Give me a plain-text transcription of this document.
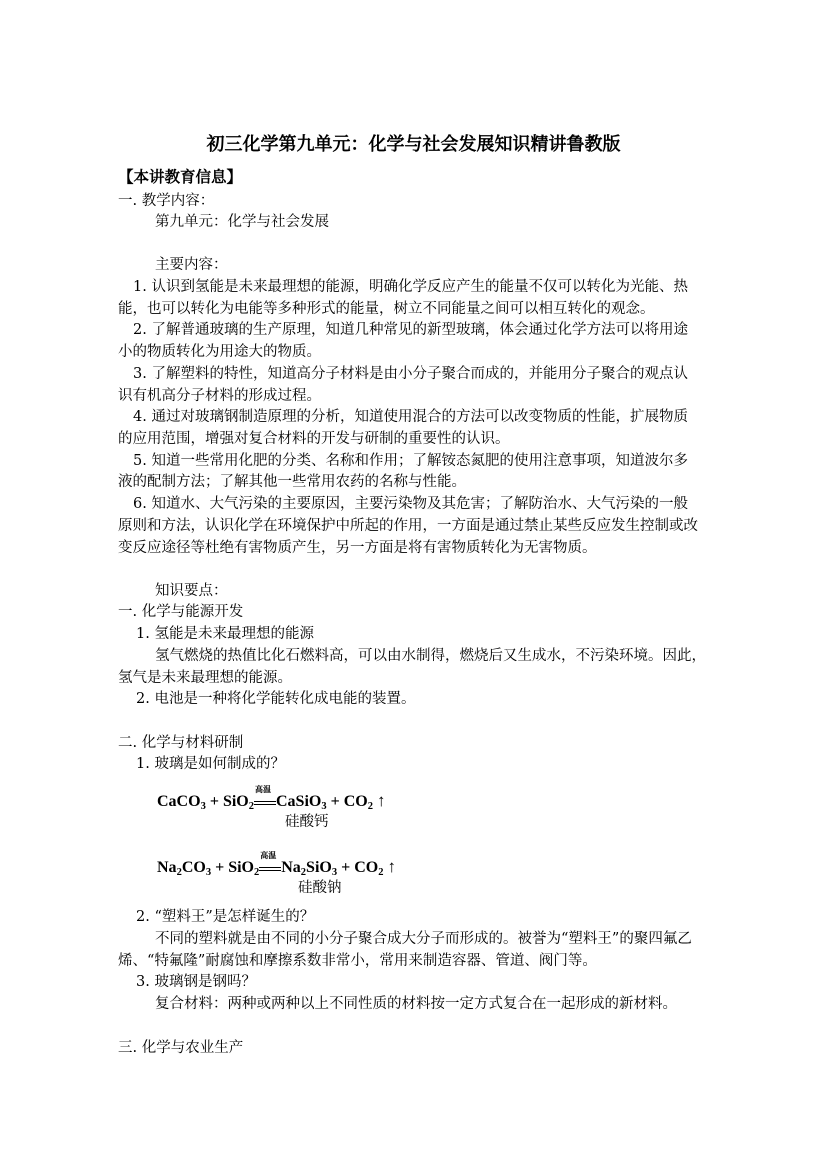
初三化学第九单元：化学与社会发展知识精讲鲁教版
【本讲教育信息】
一. 教学内容：
第九单元：化学与社会发展
主要内容：
1. 认识到氢能是未来最理想的能源，明确化学反应产生的能量不仅可以转化为光能、热
能，也可以转化为电能等多种形式的能量，树立不同能量之间可以相互转化的观念。
2. 了解普通玻璃的生产原理，知道几种常见的新型玻璃，体会通过化学方法可以将用途
小的物质转化为用途大的物质。
3. 了解塑料的特性，知道高分子材料是由小分子聚合而成的，并能用分子聚合的观点认
识有机高分子材料的形成过程。
4. 通过对玻璃钢制造原理的分析，知道使用混合的方法可以改变物质的性能，扩展物质
的应用范围，增强对复合材料的开发与研制的重要性的认识。
5. 知道一些常用化肥的分类、名称和作用；了解铵态氮肥的使用注意事项，知道波尔多
液的配制方法；了解其他一些常用农药的名称与性能。
6. 知道水、大气污染的主要原因，主要污染物及其危害；了解防治水、大气污染的一般
原则和方法，认识化学在环境保护中所起的作用，一方面是通过禁止某些反应发生控制或改
变反应途径等杜绝有害物质产生，另一方面是将有害物质转化为无害物质。
知识要点：
一. 化学与能源开发
1. 氢能是未来最理想的能源
氢气燃烧的热值比化石燃料高，可以由水制得，燃烧后又生成水，不污染环境。因此，
氢气是未来最理想的能源。
2. 电池是一种将化学能转化成电能的装置。
二. 化学与材料研制
1. 玻璃是如何制成的？
CaCO$_3$ + SiO$_2$
高温
CaSiO$_3$ + $CO_2$ ↑
硅酸钙
$Na_2CO_3 + SiO_2$
高温
$Na_2SiO_3 + CO_2$ ↑
硅酸钠
2. “塑料王”是怎样诞生的？
不同的塑料就是由不同的小分子聚合成大分子而形成的。被誉为“塑料王”的聚四氟乙
烯、“特氟隆”耐腐蚀和摩擦系数非常小，常用来制造容器、管道、阀门等。
3. 玻璃钢是钢吗？
复合材料：两种或两种以上不同性质的材料按一定方式复合在一起形成的新材料。
三. 化学与农业生产
